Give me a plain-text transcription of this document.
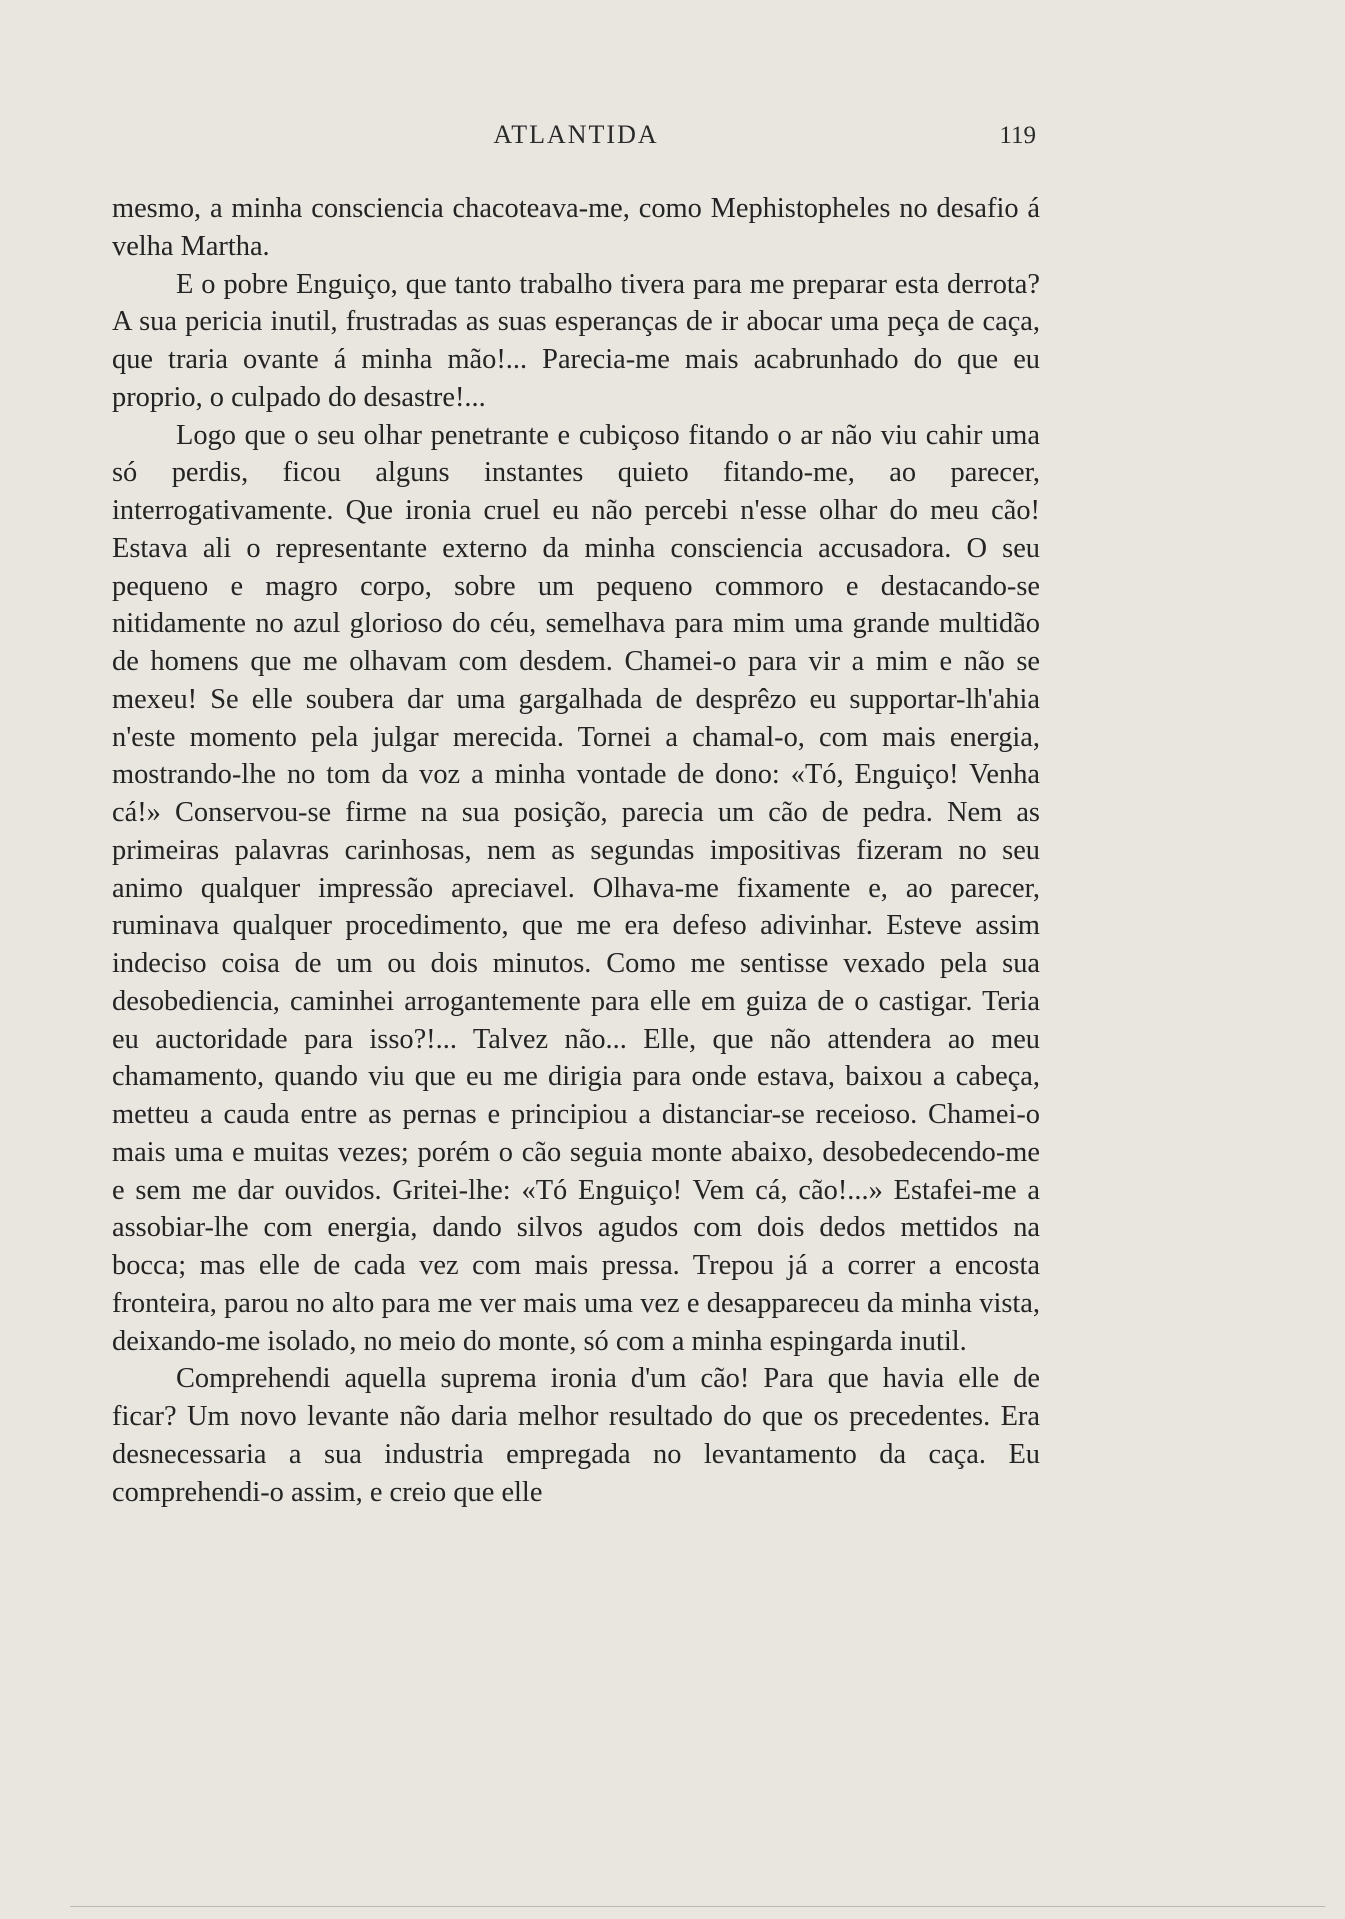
ATLANTIDA	119

mesmo, a minha consciencia chacoteava-me, como Mephistopheles no desafio á velha Martha.

E o pobre Enguiço, que tanto trabalho tivera para me preparar esta derrota? A sua pericia inutil, frustradas as suas esperanças de ir abocar uma peça de caça, que traria ovante á minha mão!... Parecia-me mais acabrunhado do que eu proprio, o culpado do desastre!...

Logo que o seu olhar penetrante e cubiçoso fitando o ar não viu cahir uma só perdis, ficou alguns instantes quieto fitando-me, ao parecer, interrogativamente. Que ironia cruel eu não percebi n'esse olhar do meu cão! Estava ali o representante externo da minha consciencia accusadora. O seu pequeno e magro corpo, sobre um pequeno commoro e destacando-se nitidamente no azul glorioso do céu, semelhava para mim uma grande multidão de homens que me olhavam com desdem. Chamei-o para vir a mim e não se mexeu! Se elle soubera dar uma gargalhada de desprêzo eu supportar-lh'ahia n'este momento pela julgar merecida. Tornei a chamal-o, com mais energia, mostrando-lhe no tom da voz a minha vontade de dono: «Tó, Enguiço! Venha cá!» Conservou-se firme na sua posição, parecia um cão de pedra. Nem as primeiras palavras carinhosas, nem as segundas impositivas fizeram no seu animo qualquer impressão apreciavel. Olhava-me fixamente e, ao parecer, ruminava qualquer procedimento, que me era defeso adivinhar. Esteve assim indeciso coisa de um ou dois minutos. Como me sentisse vexado pela sua desobediencia, caminhei arrogantemente para elle em guiza de o castigar. Teria eu auctoridade para isso?!... Talvez não... Elle, que não attendera ao meu chamamento, quando viu que eu me dirigia para onde estava, baixou a cabeça, metteu a cauda entre as pernas e principiou a distanciar-se receioso. Chamei-o mais uma e muitas vezes; porém o cão seguia monte abaixo, desobedecendo-me e sem me dar ouvidos. Gritei-lhe: «Tó Enguiço! Vem cá, cão!...» Estafei-me a assobiar-lhe com energia, dando silvos agudos com dois dedos mettidos na bocca; mas elle de cada vez com mais pressa. Trepou já a correr a encosta fronteira, parou no alto para me ver mais uma vez e desappareceu da minha vista, deixando-me isolado, no meio do monte, só com a minha espingarda inutil.

Comprehendi aquella suprema ironia d'um cão! Para que havia elle de ficar? Um novo levante não daria melhor resultado do que os precedentes. Era desnecessaria a sua industria empregada no levantamento da caça. Eu comprehendi-o assim, e creio que elle
